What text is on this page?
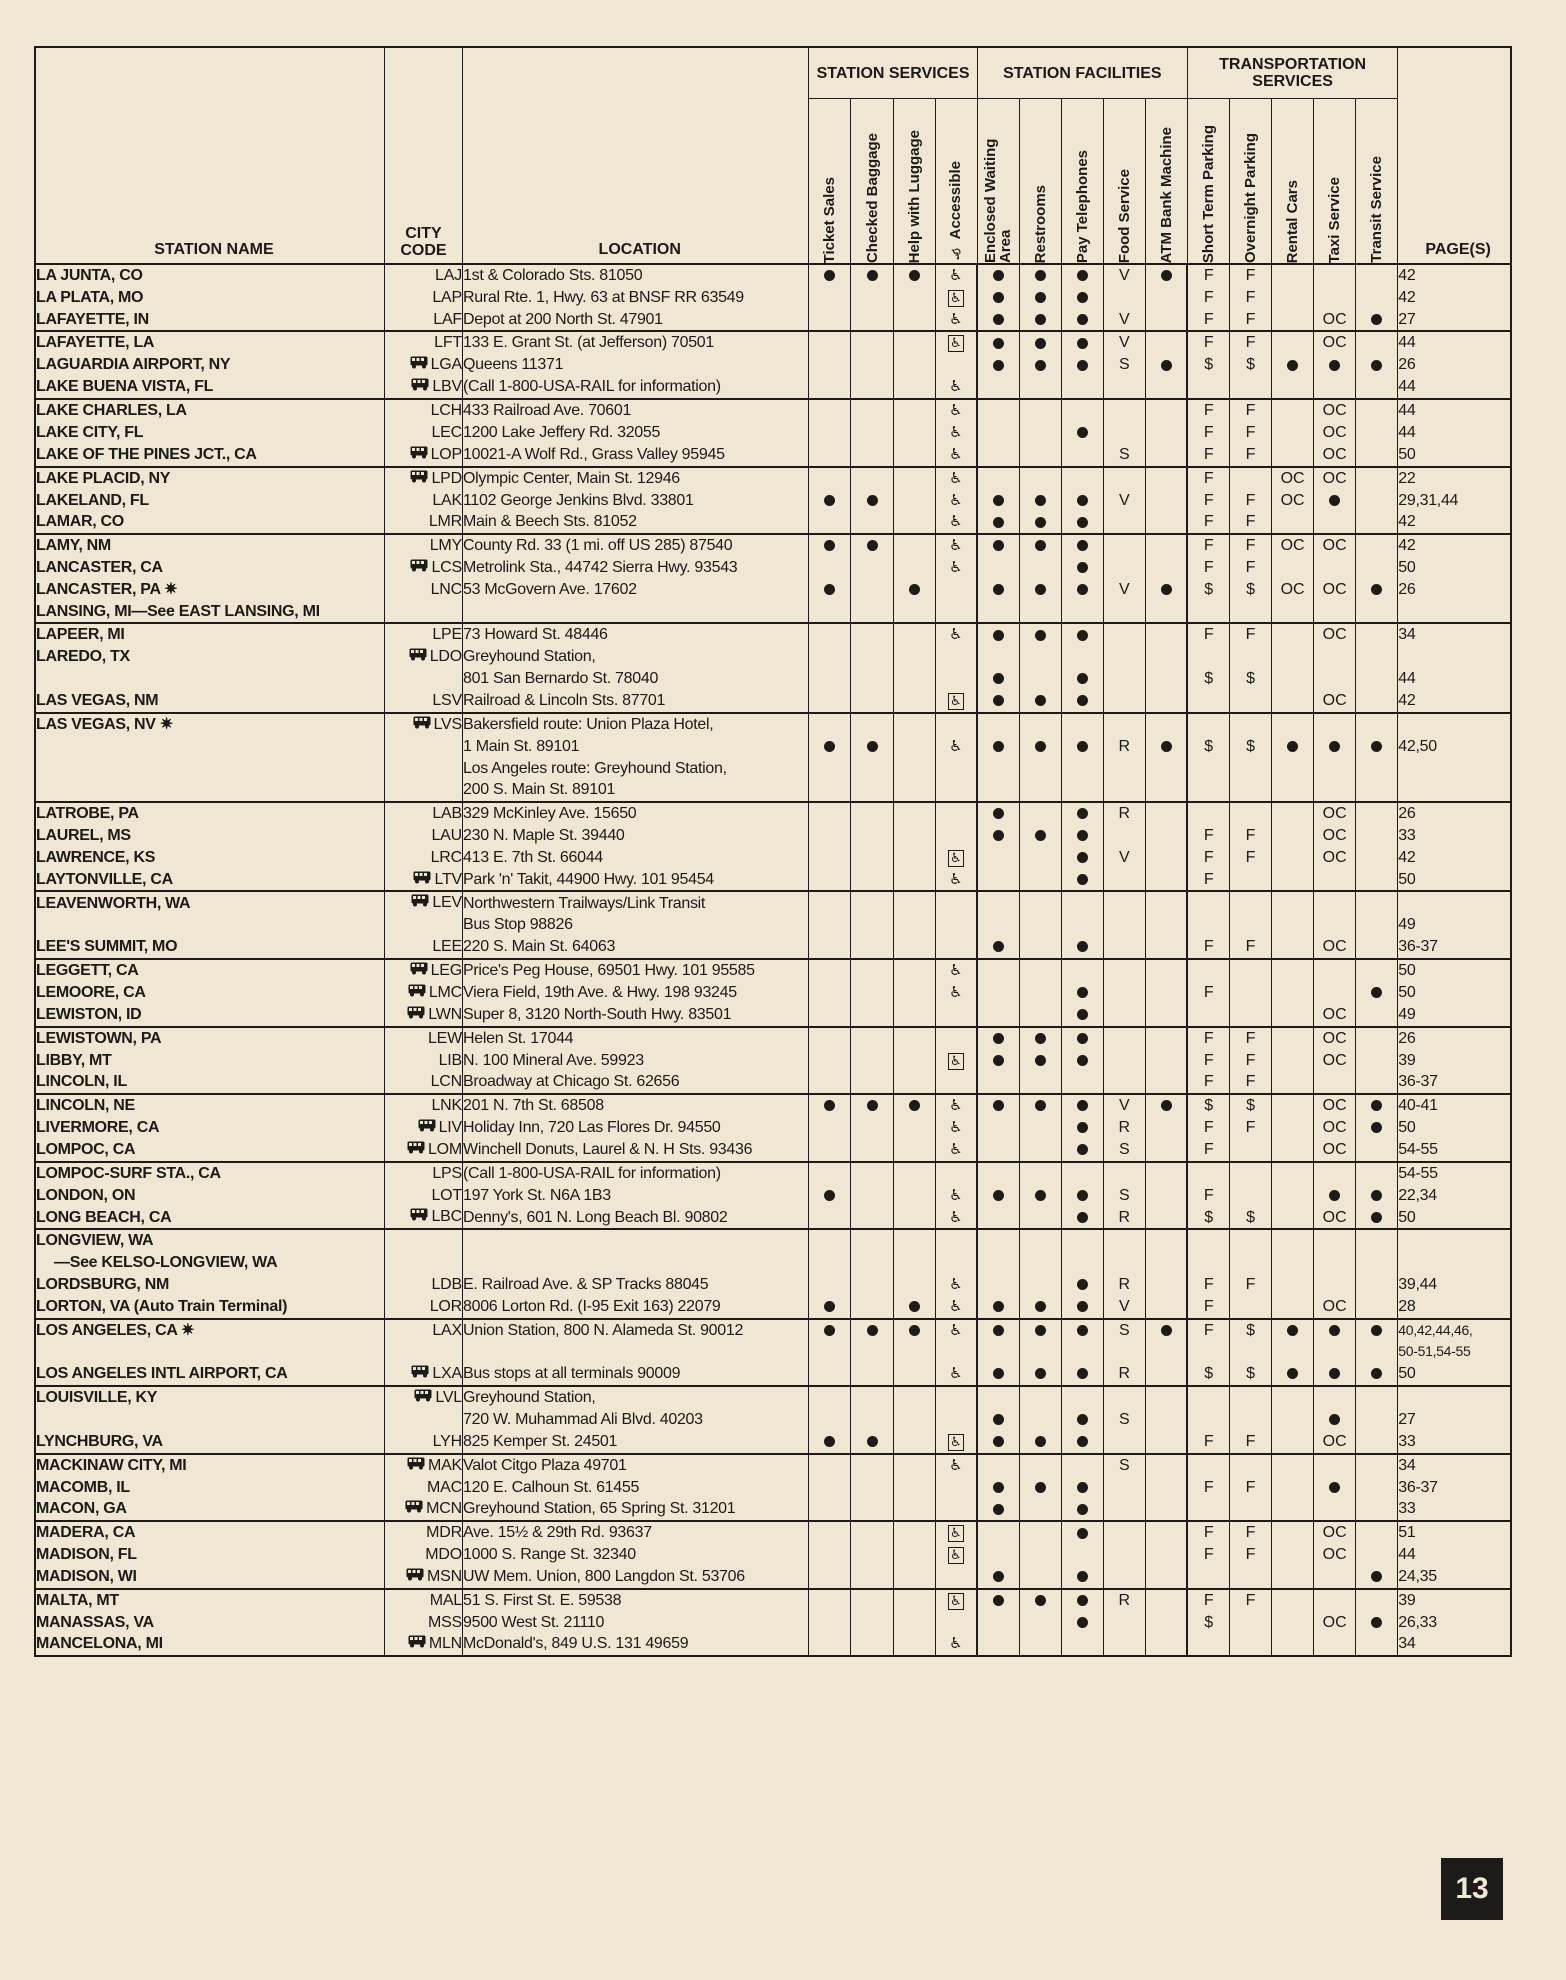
STATION NAME	CITY CODE	LOCATION	STATION SERVICES				STATION FACILITIES					TRANSPORTATION SERVICES					PAGE(S)

			Ticket Sales	Checked Baggage	Help with Luggage	♿ Accessible	Enclosed Waiting Area	Restrooms	Pay Telephones	Food Service	ATM Bank Machine	Short Term Parking	Overnight Parking	Rental Cars	Taxi Service	Transit Service	

LA JUNTA, CO	LAJ	1st & Colorado Sts. 81050				♿				V		F	F				42
LA PLATA, MO	LAP	Rural Rte. 1, Hwy. 63 at BNSF RR 63549				♿						F	F				42
LAFAYETTE, IN	LAF	Depot at 200 North St. 47901				♿				V		F	F		OC		27
LAFAYETTE, LA	LFT	133 E. Grant St. (at Jefferson) 70501				♿				V		F	F		OC		44
LAGUARDIA AIRPORT, NY	LGA	Queens 11371								S		$	$				26
LAKE BUENA VISTA, FL	LBV	(Call 1-800-USA-RAIL for information)				♿											44
LAKE CHARLES, LA	LCH	433 Railroad Ave. 70601				♿						F	F		OC		44
LAKE CITY, FL	LEC	1200 Lake Jeffery Rd. 32055				♿						F	F		OC		44
LAKE OF THE PINES JCT., CA	LOP	10021-A Wolf Rd., Grass Valley 95945				♿				S		F	F		OC		50
LAKE PLACID, NY	LPD	Olympic Center, Main St. 12946				♿						F		OC	OC		22
LAKELAND, FL	LAK	1102 George Jenkins Blvd. 33801				♿				V		F	F	OC			29,31,44
LAMAR, CO	LMR	Main & Beech Sts. 81052				♿						F	F				42
LAMY, NM	LMY	County Rd. 33 (1 mi. off US 285) 87540				♿						F	F	OC	OC		42
LANCASTER, CA	LCS	Metrolink Sta., 44742 Sierra Hwy. 93543				♿						F	F				50
LANCASTER, PA ✷	LNC	53 McGovern Ave. 17602								V		$	$	OC	OC		26
LANSING, MI—See EAST LANSING, MI																	
LAPEER, MI	LPE	73 Howard St. 48446				♿						F	F		OC		34
LAREDO, TX	LDO	Greyhound Station,															
		801 San Bernardo St. 78040										$	$				44
LAS VEGAS, NM	LSV	Railroad & Lincoln Sts. 87701				♿									OC		42
LAS VEGAS, NV ✷	LVS	Bakersfield route: Union Plaza Hotel,															
		1 Main St. 89101				♿				R		$	$				42,50
		Los Angeles route: Greyhound Station,															
		200 S. Main St. 89101															
LATROBE, PA	LAB	329 McKinley Ave. 15650								R					OC		26
LAUREL, MS	LAU	230 N. Maple St. 39440										F	F		OC		33
LAWRENCE, KS	LRC	413 E. 7th St. 66044				♿				V		F	F		OC		42
LAYTONVILLE, CA	LTV	Park 'n' Takit, 44900 Hwy. 101 95454				♿						F					50
LEAVENWORTH, WA	LEV	Northwestern Trailways/Link Transit															
		Bus Stop 98826															49
LEE'S SUMMIT, MO	LEE	220 S. Main St. 64063										F	F		OC		36-37
LEGGETT, CA	LEG	Price's Peg House, 69501 Hwy. 101 95585				♿											50
LEMOORE, CA	LMC	Viera Field, 19th Ave. & Hwy. 198 93245				♿						F					50
LEWISTON, ID	LWN	Super 8, 3120 North-South Hwy. 83501													OC		49
LEWISTOWN, PA	LEW	Helen St. 17044										F	F		OC		26
LIBBY, MT	LIB	N. 100 Mineral Ave. 59923				♿						F	F		OC		39
LINCOLN, IL	LCN	Broadway at Chicago St. 62656										F	F				36-37
LINCOLN, NE	LNK	201 N. 7th St. 68508				♿				V		$	$		OC		40-41
LIVERMORE, CA	LIV	Holiday Inn, 720 Las Flores Dr. 94550				♿				R		F	F		OC		50
LOMPOC, CA	LOM	Winchell Donuts, Laurel & N. H Sts. 93436				♿				S		F			OC		54-55
LOMPOC-SURF STA., CA	LPS	(Call 1-800-USA-RAIL for information)															54-55
LONDON, ON	LOT	197 York St. N6A 1B3				♿				S		F					22,34
LONG BEACH, CA	LBC	Denny's, 601 N. Long Beach Bl. 90802				♿				R		$	$		OC		50
LONGVIEW, WA																	
—See KELSO-LONGVIEW, WA																	
LORDSBURG, NM	LDB	E. Railroad Ave. & SP Tracks 88045				♿				R		F	F				39,44
LORTON, VA (Auto Train Terminal)	LOR	8006 Lorton Rd. (I-95 Exit 163) 22079				♿				V		F			OC		28
LOS ANGELES, CA ✷	LAX	Union Station, 800 N. Alameda St. 90012				♿				S		F	$				40,42,44,46,
																	50-51,54-55
LOS ANGELES INTL AIRPORT, CA	LXA	Bus stops at all terminals 90009				♿				R		$	$				50
LOUISVILLE, KY	LVL	Greyhound Station,															
		720 W. Muhammad Ali Blvd. 40203								S							27
LYNCHBURG, VA	LYH	825 Kemper St. 24501				♿						F	F		OC		33
MACKINAW CITY, MI	MAK	Valot Citgo Plaza 49701				♿				S							34
MACOMB, IL	MAC	120 E. Calhoun St. 61455										F	F				36-37
MACON, GA	MCN	Greyhound Station, 65 Spring St. 31201															33
MADERA, CA	MDR	Ave. 15½ & 29th Rd. 93637				♿						F	F		OC		51
MADISON, FL	MDO	1000 S. Range St. 32340				♿						F	F		OC		44
MADISON, WI	MSN	UW Mem. Union, 800 Langdon St. 53706															24,35
MALTA, MT	MAL	51 S. First St. E. 59538				♿				R		F	F				39
MANASSAS, VA	MSS	9500 West St. 21110										$			OC		26,33
MANCELONA, MI	MLN	McDonald's, 849 U.S. 131 49659				♿											34
13
